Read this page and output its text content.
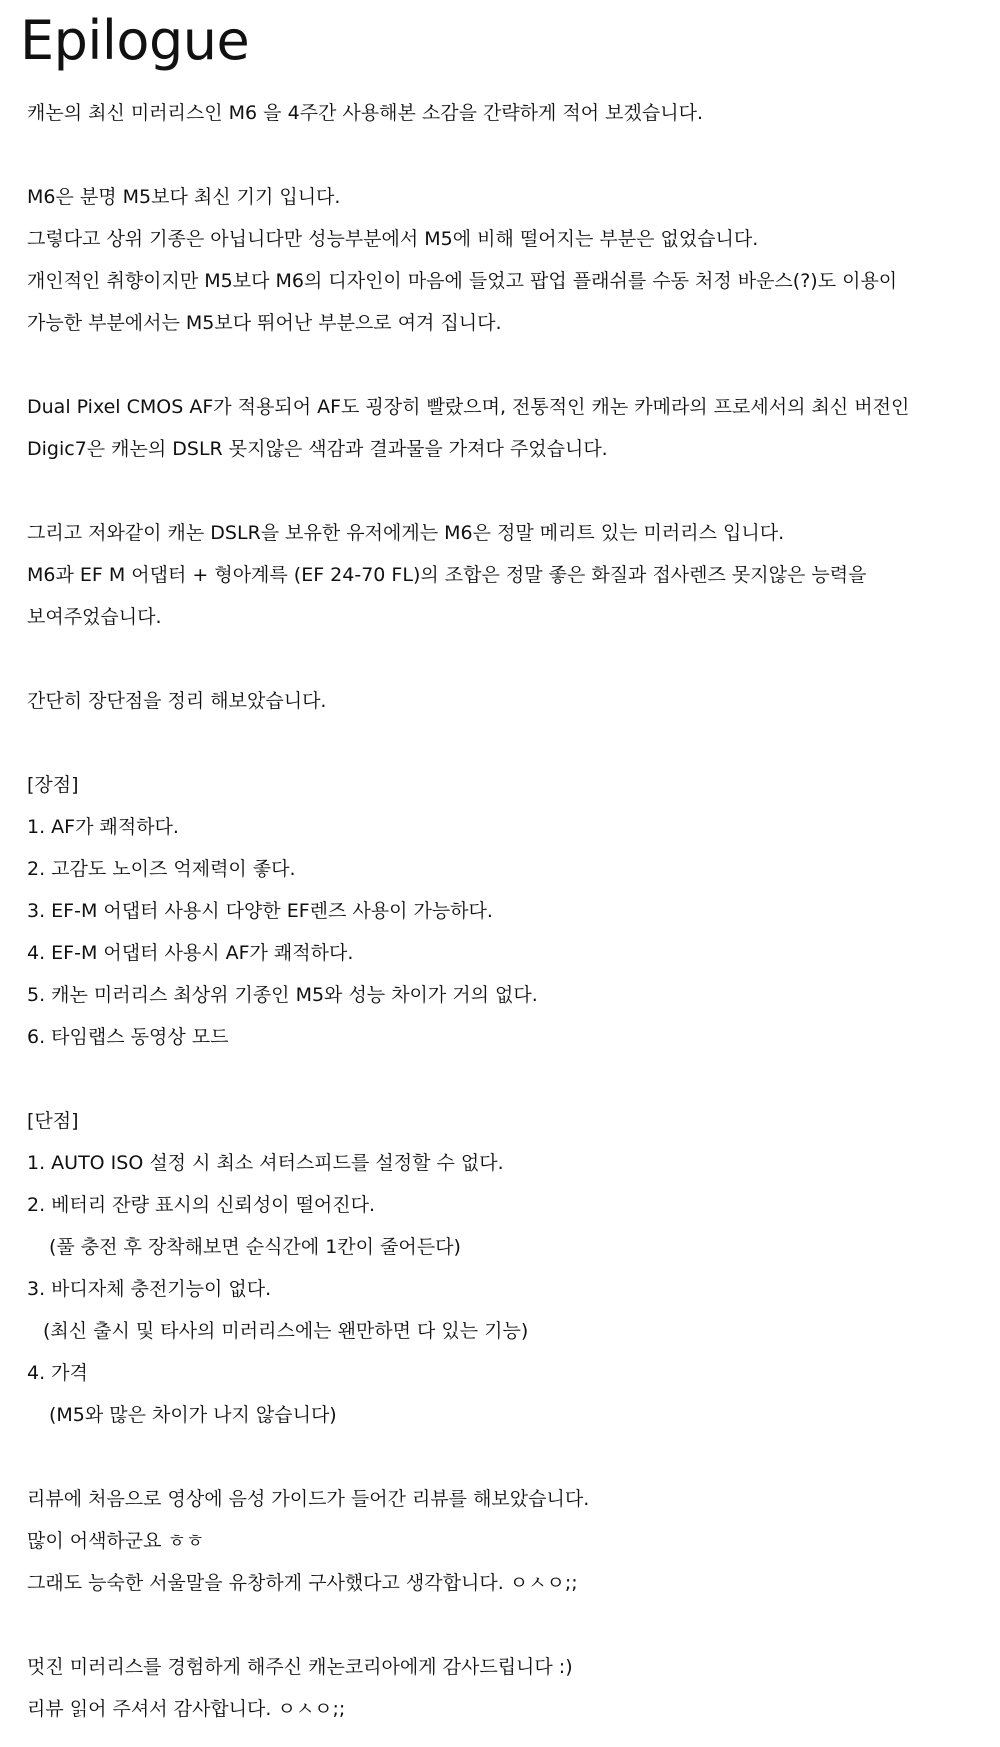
Epilogue
캐논의 최신 미러리스인 M6 을 4주간 사용해본 소감을 간략하게 적어 보겠습니다.
M6은 분명 M5보다 최신 기기 입니다.
그렇다고 상위 기종은 아닙니다만 성능부분에서 M5에 비해 떨어지는 부분은 없었습니다.
개인적인 취향이지만 M5보다 M6의 디자인이 마음에 들었고 팝업 플래쉬를 수동 처정 바운스(?)도 이용이
가능한 부분에서는 M5보다 뛰어난 부분으로 여겨 집니다.
Dual Pixel CMOS AF가 적용되어 AF도 굉장히 빨랐으며, 전통적인 캐논 카메라의 프로세서의 최신 버전인
Digic7은 캐논의 DSLR 못지않은 색감과 결과물을 가져다 주었습니다.
그리고 저와같이 캐논 DSLR을 보유한 유저에게는 M6은 정말 메리트 있는 미러리스 입니다.
M6과 EF M 어댑터 + 형아계륵 (EF 24-70 FL)의 조합은 정말 좋은 화질과 접사렌즈 못지않은 능력을
보여주었습니다.
간단히 장단점을 정리 해보았습니다.
[장점]
1. AF가 쾌적하다.
2. 고감도 노이즈 억제력이 좋다.
3. EF-M 어댑터 사용시 다양한 EF렌즈 사용이 가능하다.
4. EF-M 어댑터 사용시 AF가 쾌적하다.
5. 캐논 미러리스 최상위 기종인 M5와 성능 차이가 거의 없다.
6. 타임랩스 동영상 모드
[단점]
1. AUTO ISO 설정 시 최소 셔터스피드를 설정할 수 없다.
2. 베터리 잔량 표시의 신뢰성이 떨어진다.
(풀 충전 후 장착해보면 순식간에 1칸이 줄어든다)
3. 바디자체 충전기능이 없다.
(최신 출시 및 타사의 미러리스에는 왠만하면 다 있는 기능)
4. 가격
(M5와 많은 차이가 나지 않습니다)
리뷰에 처음으로 영상에 음성 가이드가 들어간 리뷰를 해보았습니다.
많이 어색하군요 ㅎㅎ
그래도 능숙한 서울말을 유창하게 구사했다고 생각합니다. ㅇㅅㅇ;;
멋진 미러리스를 경험하게 해주신 캐논코리아에게 감사드립니다 :)
리뷰 읽어 주셔서 감사합니다. ㅇㅅㅇ;;
